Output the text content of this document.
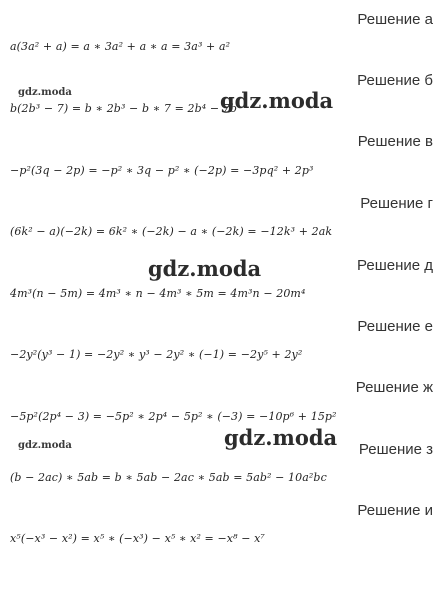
Решение а
a(3a² + a) = a ∗ 3a² + a ∗ a = 3a³ + a²
Решение б
b(2b³ − 7) = b ∗ 2b³ − b ∗ 7 = 2b⁴ − 7b
Решение в
−p²(3q − 2p) = −p² ∗ 3q − p² ∗ (−2p) = −3pq² + 2p³
Решение г
(6k² − a)(−2k) = 6k² ∗ (−2k) − a ∗ (−2k) = −12k³ + 2ak
Решение д
4m³(n − 5m) = 4m³ ∗ n − 4m³ ∗ 5m = 4m³n − 20m⁴
Решение е
−2y²(y³ − 1) = −2y² ∗ y³ − 2y² ∗ (−1) = −2y⁵ + 2y²
Решение ж
−5p²(2p⁴ − 3) = −5p² ∗ 2p⁴ − 5p² ∗ (−3) = −10p⁶ + 15p²
Решение з
(b − 2ac) ∗ 5ab = b ∗ 5ab − 2ac ∗ 5ab = 5ab² − 10a²bc
Решение и
x⁵(−x³ − x²) = x⁵ ∗ (−x³) − x⁵ ∗ x² = −x⁸ − x⁷
gdz.moda	gdz.moda
gdz.moda
gdz.moda	gdz.moda
